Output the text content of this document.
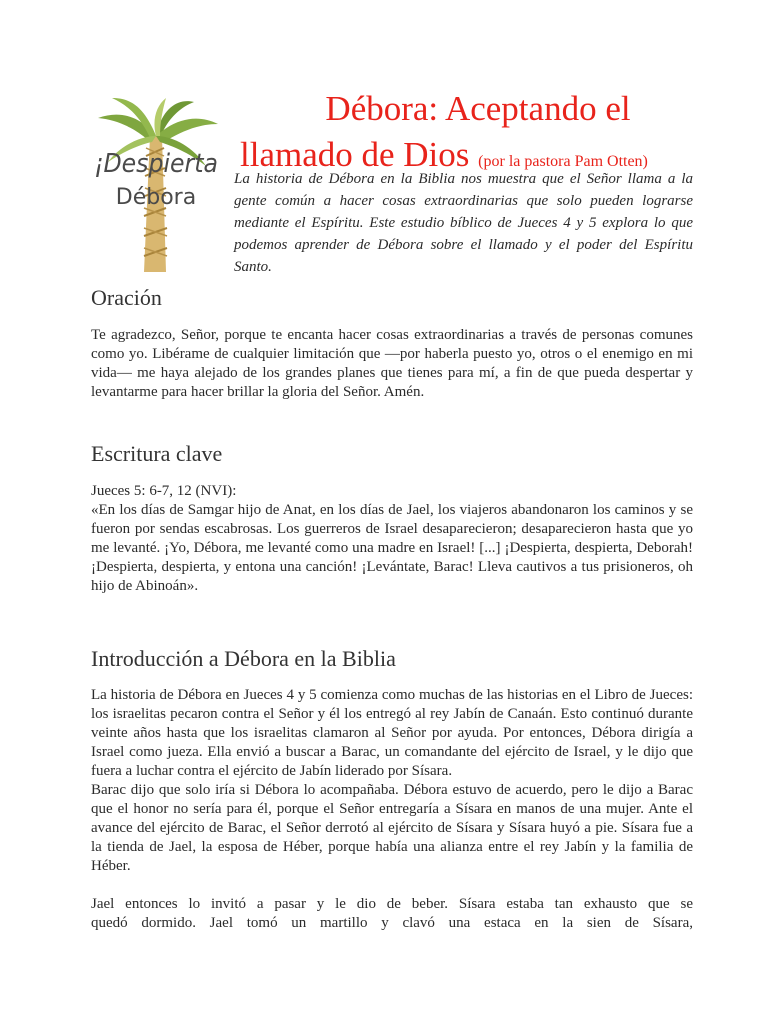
¡Despierta
Débora
Débora: Aceptando el
llamado de Dios (por la pastora Pam Otten)

La historia de Débora en la Biblia nos muestra que el Señor llama a la gente común a hacer cosas extraordinarias que solo pueden lograrse mediante el Espíritu. Este estudio bíblico de Jueces 4 y 5 explora lo que podemos aprender de Débora sobre el llamado y el poder del Espíritu Santo.

Oración

Te agradezco, Señor, porque te encanta hacer cosas extraordinarias a través de personas comunes como yo. Libérame de cualquier limitación que —por haberla puesto yo, otros o el enemigo en mi vida— me haya alejado de los grandes planes que tienes para mí, a fin de que pueda despertar y levantarme para hacer brillar la gloria del Señor. Amén.

Escritura clave

Jueces 5: 6-7, 12 (NVI):

«En los días de Samgar hijo de Anat, en los días de Jael, los viajeros abandonaron los caminos y se fueron por sendas escabrosas. Los guerreros de Israel desaparecieron; desaparecieron hasta que yo me levanté. ¡Yo, Débora, me levanté como una madre en Israel! [...] ¡Despierta, despierta, Deborah! ¡Despierta, despierta, y entona una canción! ¡Levántate, Barac! Lleva cautivos a tus prisioneros, oh hijo de Abinoán».

Introducción a Débora en la Biblia

La historia de Débora en Jueces 4 y 5 comienza como muchas de las historias en el Libro de Jueces: los israelitas pecaron contra el Señor y él los entregó al rey Jabín de Canaán. Esto continuó durante veinte años hasta que los israelitas clamaron al Señor por ayuda. Por entonces, Débora dirigía a Israel como jueza. Ella envió a buscar a Barac, un comandante del ejército de Israel, y le dijo que fuera a luchar contra el ejército de Jabín liderado por Sísara.

Barac dijo que solo iría si Débora lo acompañaba. Débora estuvo de acuerdo, pero le dijo a Barac que el honor no sería para él, porque el Señor entregaría a Sísara en manos de una mujer. Ante el avance del ejército de Barac, el Señor derrotó al ejército de Sísara y Sísara huyó a pie. Sísara fue a la tienda de Jael, la esposa de Héber, porque había una alianza entre el rey Jabín y la familia de Héber.

Jael entonces lo invitó a pasar y le dio de beber. Sísara estaba tan exhausto que se
quedó dormido. Jael tomó un martillo y clavó una estaca en la sien de Sísara,
